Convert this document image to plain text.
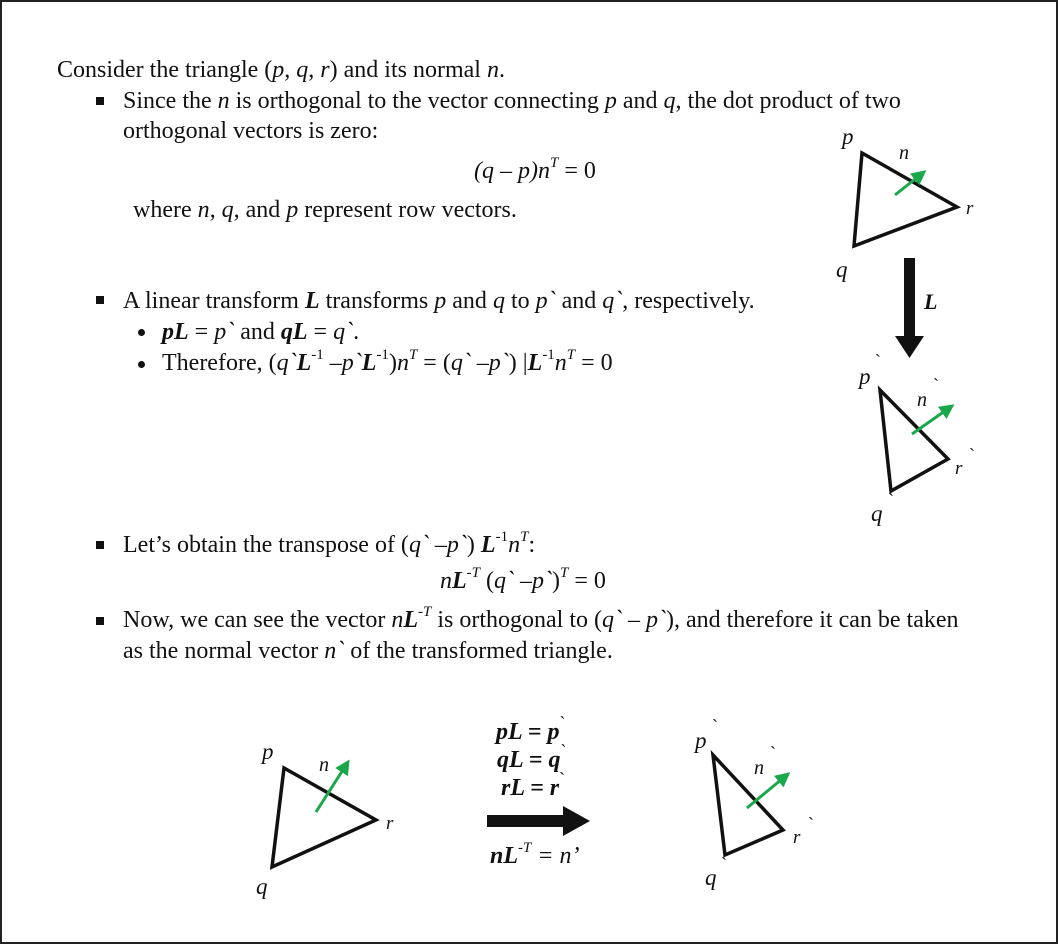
Consider the triangle (p, q, r) and its normal n.
Since the n is orthogonal to the vector connecting p and q, the dot product of two
orthogonal vectors is zero:
$(q - p)n^T = 0$
where n, q, and p represent row vectors.
A linear transform L transforms p and q to p` and q`, respectively.
pL = p` and qL = q`.
Therefore, ($q`L^{-1}$ $-p`L^{-1})n^T$ = (q` –p`) $|L^{-1}n^T = 0$
Let’s obtain the transpose of (q` –p`) $L^{-1}n^T$:
$nL^{-T}$ (q` –p`)$^T$ = 0
Now, we can see the vector $nL^{-T}$ is orthogonal to (q` – p`), and therefore it can be taken
as the normal vector n` of the transformed triangle.
p
n
r
q
L
p
`
n
`
r
`
q
`
p
n
r
q
pL = p`
qL = q`
rL = r`
$nL^{-T} = n$’
p
`
n
`
r
`
q
`
